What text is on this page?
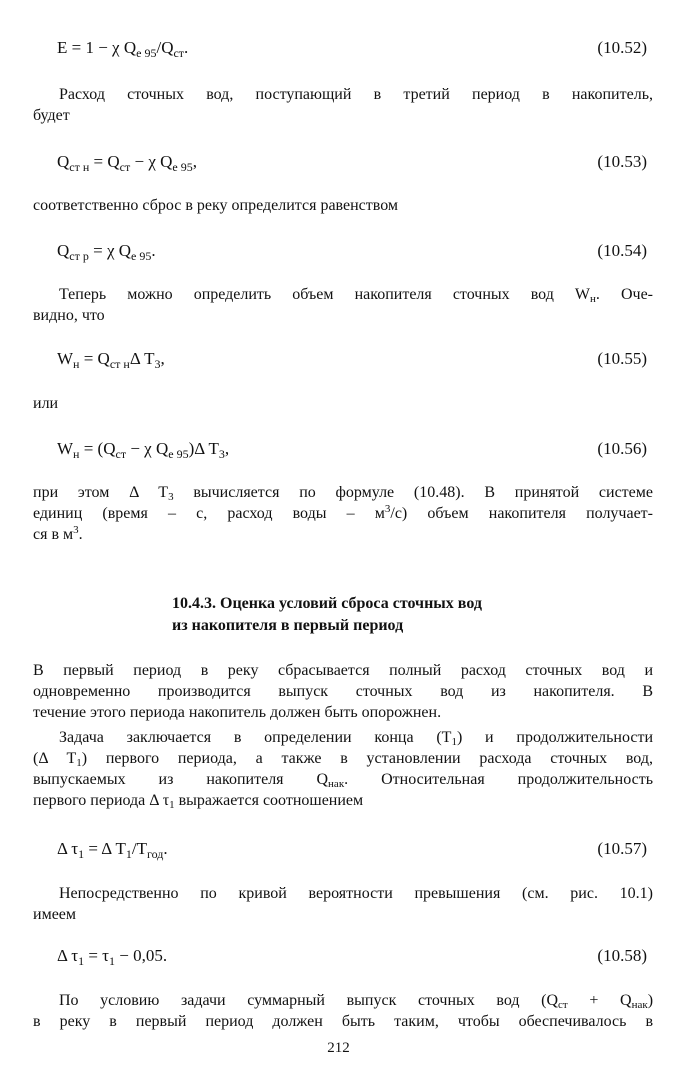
E = 1 − χ $Q_{e 95}/Q_{ст}$.	(10.52)

Расход сточных вод, поступающий в третий период в накопитель,
будет

$Q_{ст н} = Q_{ст} - \chi$ $Q_{е 95}$,	(10.53)

соответственно сброс в реку определится равенством

$Q_{ст р} = \chi$ $Q_{е 95}$.	(10.54)

Теперь можно определить объем накопителя сточных вод $W_н$. Оче-
видно, что

$W_н = Q_{ст н}\Delta$ $T_3$,	(10.55)

или

$W_н = (Q_{ст} - \chi$ $Q_{е 95})\Delta$ $T_3$,	(10.56)

при этом Δ $T_3$ вычисляется по формуле (10.48). В принятой системе
единиц (время – с, расход воды – $м^3/с$) объем накопителя получает-
ся в $м^3$.

10.4.3. Оценка условий сброса сточных вод
из накопителя в первый период

В первый период в реку сбрасывается полный расход сточных вод и
одновременно производится выпуск сточных вод из накопителя. В
течение этого периода накопитель должен быть опорожнен.

Задача заключается в определении конца $(T_1)$ и продолжительности
(Δ $T_1$) первого периода, а также в установлении расхода сточных вод,
выпускаемых из накопителя $Q_{нак}$. Относительная продолжительность
первого периода Δ $\tau_1$ выражается соотношением

Δ $\tau_1 = \Delta$ $T_1/T_{год}$.	(10.57)

Непосредственно по кривой вероятности превышения (см. рис. 10.1)
имеем

Δ $\tau_1 = \tau_1 - 0,05$.	(10.58)

По условию задачи суммарный выпуск сточных вод $(Q_{ст} + Q_{нак})$
в реку в первый период должен быть таким, чтобы обеспечивалось в

212
